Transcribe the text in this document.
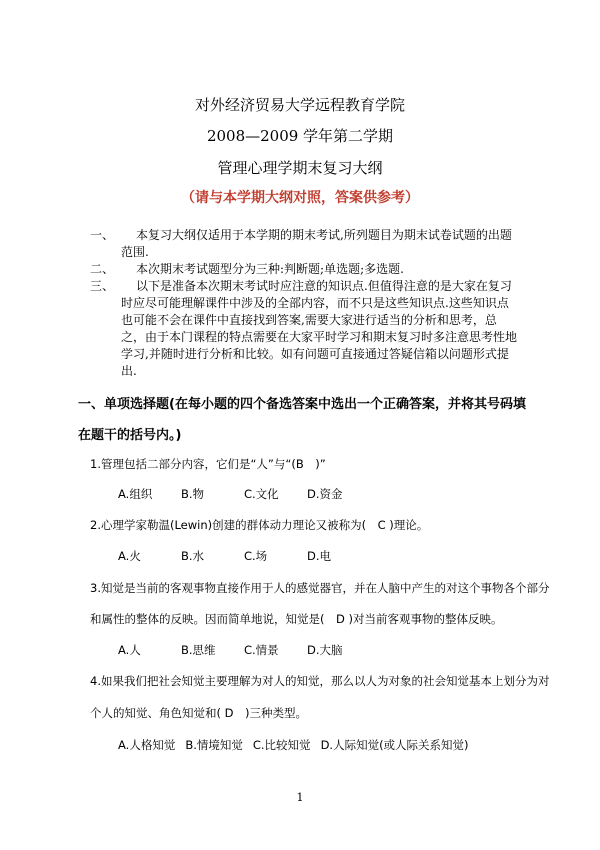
对外经济贸易大学远程教育学院
2008—2009 学年第二学期
管理心理学期末复习大纲
（请与本学期大纲对照，答案供参考）
一、	本复习大纲仅适用于本学期的期末考试,所列题目为期末试卷试题的出题范围.
二、	本次期末考试题型分为三种:判断题;单选题;多选题.
三、	以下是准备本次期末考试时应注意的知识点.但值得注意的是大家在复习时应尽可能理解课件中涉及的全部内容，而不只是这些知识点.这些知识点也可能不会在课件中直接找到答案,需要大家进行适当的分析和思考，总之，由于本门课程的特点需要在大家平时学习和期末复习时多注意思考性地学习,并随时进行分析和比较。如有问题可直接通过答疑信箱以问题形式提出.
一、单项选择题(在每小题的四个备选答案中选出一个正确答案，并将其号码填
在题干的括号内。)
1.管理包括二部分内容，它们是“人”与“(B　)”
A.组织 B.物	C.文化 D.资金
2.心理学家勒温(Lewin)创建的群体动力理论又被称为(　C )理论。
A.火	B.水	C.场	D.电
3.知觉是当前的客观事物直接作用于人的感觉器官，并在人脑中产生的对这个事物各个部分
和属性的整体的反映。因而简单地说，知觉是(　D )对当前客观事物的整体反映。
A.人	B.思维 C.情景 D.大脑
4.如果我们把社会知觉主要理解为对人的知觉，那么以人为对象的社会知觉基本上划分为对
个人的知觉、角色知觉和( D　)三种类型。
A.人格知觉 B.情境知觉 C.比较知觉 D.人际知觉(或人际关系知觉)
1
